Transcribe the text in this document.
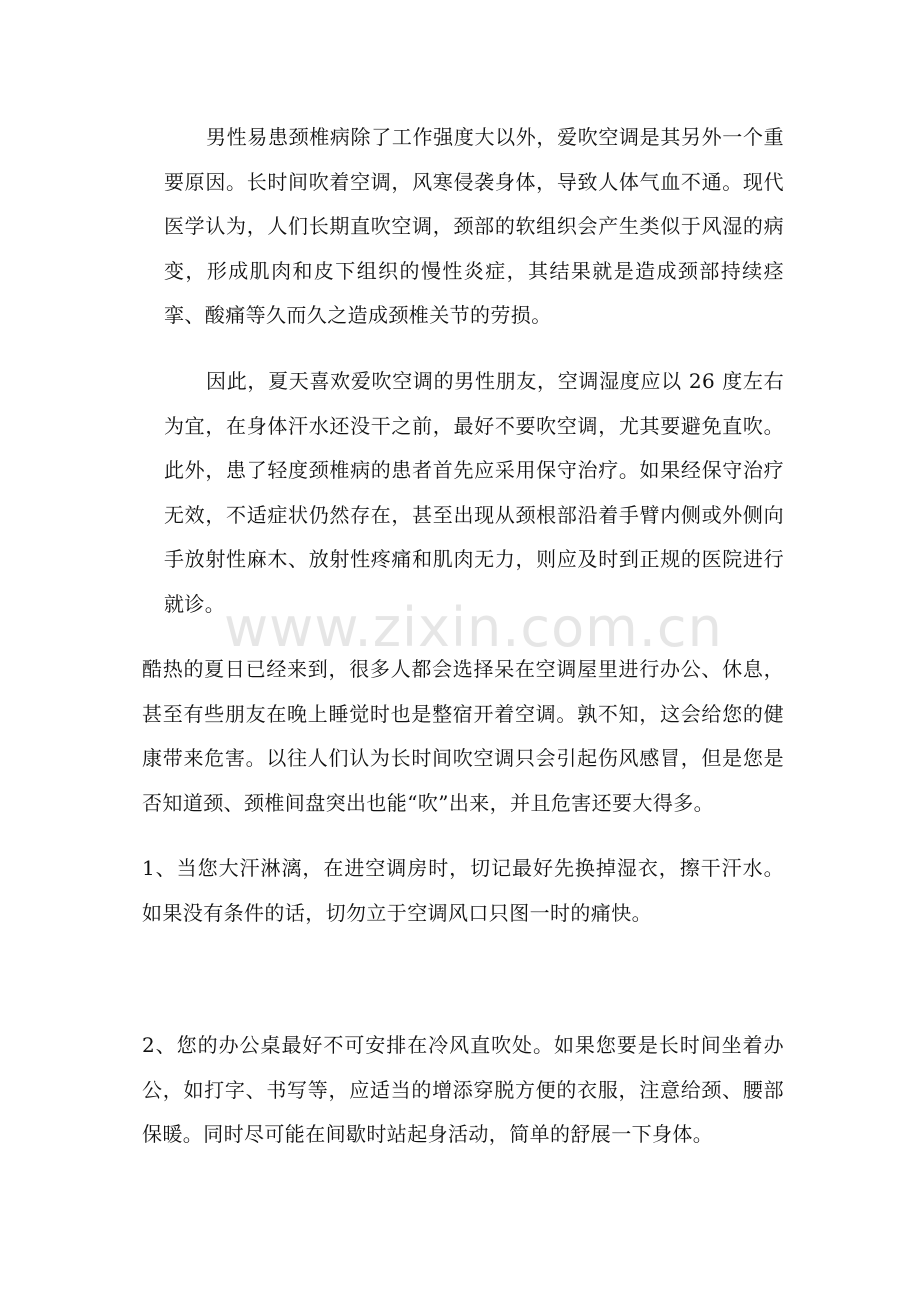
www.zixin.com.cn

男性易患颈椎病除了工作强度大以外，爱吹空调是其另外一个重要原因。长时间吹着空调，风寒侵袭身体，导致人体气血不通。现代医学认为，人们长期直吹空调，颈部的软组织会产生类似于风湿的病变，形成肌肉和皮下组织的慢性炎症，其结果就是造成颈部持续痉挛、酸痛等久而久之造成颈椎关节的劳损。

因此，夏天喜欢爱吹空调的男性朋友，空调湿度应以 26 度左右为宜，在身体汗水还没干之前，最好不要吹空调，尤其要避免直吹。此外，患了轻度颈椎病的患者首先应采用保守治疗。如果经保守治疗无效，不适症状仍然存在，甚至出现从颈根部沿着手臂内侧或外侧向手放射性麻木、放射性疼痛和肌肉无力，则应及时到正规的医院进行就诊。

酷热的夏日已经来到，很多人都会选择呆在空调屋里进行办公、休息，甚至有些朋友在晚上睡觉时也是整宿开着空调。孰不知，这会给您的健康带来危害。以往人们认为长时间吹空调只会引起伤风感冒，但是您是否知道颈、颈椎间盘突出也能“吹”出来，并且危害还要大得多。

1、当您大汗淋漓，在进空调房时，切记最好先换掉湿衣，擦干汗水。如果没有条件的话，切勿立于空调风口只图一时的痛快。

2、您的办公桌最好不可安排在冷风直吹处。如果您要是长时间坐着办公，如打字、书写等，应适当的增添穿脱方便的衣服，注意给颈、腰部保暖。同时尽可能在间歇时站起身活动，简单的舒展一下身体。
